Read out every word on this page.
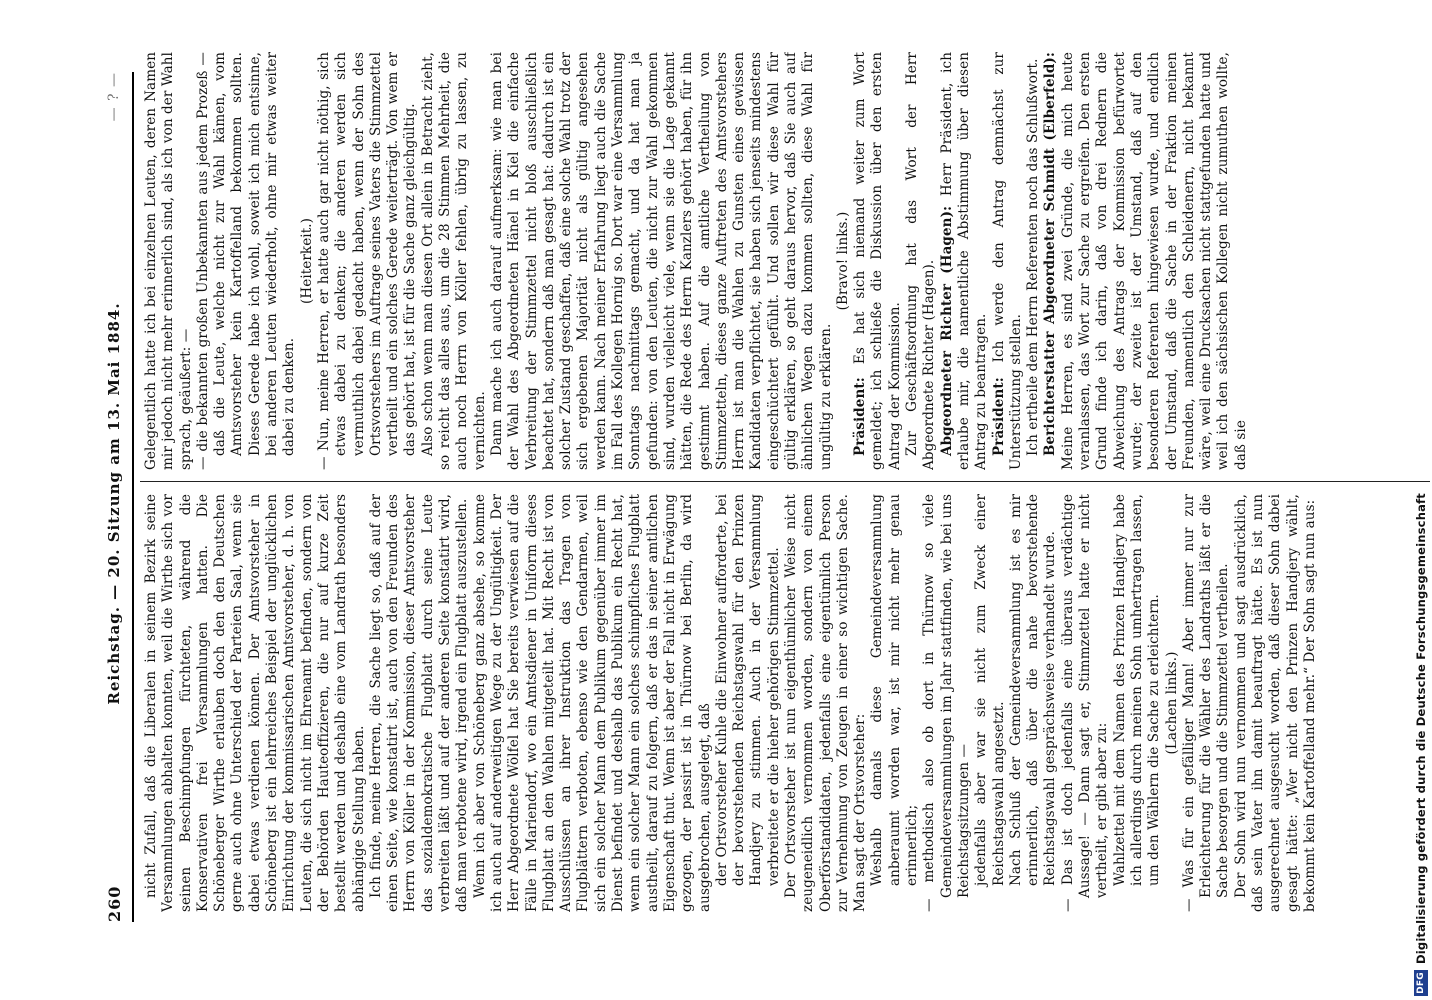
260
Reichstag. — 20. Sitzung am 13. Mai 1884.
— ? —

nicht Zufall, daß die Liberalen in seinem Bezirk seine Versammlungen abhalten konnten, weil die Wirthe sich vor seinen Beschimpfungen fürchteten, während die Konservativen frei Versammlungen hatten. Die Schöneberger Wirthe erlauben doch den den Deutschen gerne auch ohne Unterschied der Parteien Saal, wenn sie dabei etwas verdienen können. Der Amtsvorsteher in Schöneberg ist ein lehrreiches Beispiel der unglücklichen Einrichtung der kommissarischen Amtsvorsteher, d. h. von Leuten, die sich nicht im Ehrenamt befinden, sondern von der Behörden Hauteoffizieren, die nur auf kurze Zeit bestellt werden und deshalb eine vom Landrath besonders abhängige Stellung haben. Ich finde, meine Herren, die Sache liegt so, daß auf der einen Seite, wie konstatirt ist, auch von den Freunden des Herrn von Köller in der Kommission, dieser Amtsvorsteher das sozialdemokratische Flugblatt durch seine Leute verbreiten läßt und auf der anderen Seite konstatirt wird, daß man verbotene wird, irgend ein Flugblatt auszustellen. Wenn ich aber von Schöneberg ganz absehe, so komme ich auch auf anderweitigen Wege zu der Ungültigkeit. Der Herr Abgeordnete Wölfel hat Sie bereits verwiesen auf die Fälle in Mariendorf, wo ein Amtsdiener in Uniform dieses Flugblatt an den Wahlen mitgeteilt hat. Mit Recht ist von Ausschlüssen an ihrer Instruktion das Tragen von Flugblättern verboten, ebenso wie den Gendarmen, weil sich ein solcher Mann dem Publikum gegenüber immer im Dienst befindet und deshalb das Publikum ein Recht hat, wenn ein solcher Mann ein solches schimpfliches Flugblatt austheilt, darauf zu folgern, daß er das in seiner amtlichen Eigenschaft thut. Wenn ist aber der Fall nicht in Erwägung gezogen, der passirt ist in Thürnow bei Berlin, da wird ausgebrochen, ausgelegt, daß der Ortsvorsteher Kuhle die Einwohner aufforderte, bei der bevorstehenden Reichstagswahl für den Prinzen Handjery zu stimmen. Auch in der Versammlung verbreitete er die hieher gehörigen Stimmzettel. Der Ortsvorsteher ist nun eigenthümlicher Weise nicht zeugeneidlich vernommen worden, sondern von einem Oberförstandidaten, jedenfalls eine eigentümlich Person zur Vernehmung von Zeugen in einer so wichtigen Sache. Man sagt der Ortsvorsteher: Weshalb damals diese Gemeindeversammlung anberaumt worden war, ist mir nicht mehr genau erinnerlich; — methodisch also ob dort in Thürnow so viele Gemeindeversammlungen im Jahr stattfinden, wie bei uns Reichstagsitzungen — jedenfalls aber war sie nicht zum Zweck einer Reichstagswahl angesetzt. Nach Schluß der Gemeindeversammlung ist es mir erinnerlich, daß über die nahe bevorstehende Reichstagswahl gesprächsweise verhandelt wurde. — Das ist doch jedenfalls eine überaus verdächtige Aussage! — Dann sagt er, Stimmzettel hatte er nicht vertheilt, er gibt aber zu: Wahlzettel mit dem Namen des Prinzen Handjery habe ich allerdings durch meinen Sohn umhertragen lassen, um den Wählern die Sache zu erleichtern. (Lachen links.) — Was für ein gefälliger Mann! Aber immer nur zur Erleichterung für die Wähler des Landraths läßt er die Sache besorgen und die Stimmzettel vertheilen. Der Sohn wird nun vernommen und sagt ausdrücklich, daß sein Vater ihn damit beauftragt hätte. Es ist nun ausgerechnet ausgesucht worden, daß dieser Sohn dabei gesagt hätte: „Wer nicht den Prinzen Handjery wählt, bekommt kein Kartoffelland mehr.“ Der Sohn sagt nun aus:

Gelegentlich hatte ich bei einzelnen Leuten, deren Namen mir jedoch nicht mehr erinnerlich sind, als ich von der Wahl sprach, geäußert: — — die bekannten großen Unbekannten aus jedem Prozeß — daß die Leute, welche nicht zur Wahl kämen, vom Amtsvorsteher kein Kartoffelland bekommen sollten. Dieses Gerede habe ich wohl, soweit ich mich entsinne, bei anderen Leuten wiederholt, ohne mir etwas weiter dabei zu denken.

(Heiterkeit.) — Nun, meine Herren, er hatte auch gar nicht nöthig, sich etwas dabei zu denken; die anderen werden sich vermuthlich dabei gedacht haben, wenn der Sohn des Ortsvorstehers im Auftrage seines Vaters die Stimmzettel vertheilt und ein solches Gerede weiterträgt. Von wem er das gehört hat, ist für die Sache ganz gleichgültig. Also schon wenn man diesen Ort allein in Betracht zieht, so reicht das alles aus, um die 28 Stimmen Mehrheit, die auch noch Herrn von Köller fehlen, übrig zu lassen, zu vernichten. Dann mache ich auch darauf aufmerksam: wie man bei der Wahl des Abgeordneten Hänel in Kiel die einfache Verbreitung der Stimmzettel nicht bloß ausschließlich beachtet hat, sondern daß man gesagt hat: dadurch ist ein solcher Zustand geschaffen, daß eine solche Wahl trotz der sich ergebenen Majorität nicht als gültig angesehen werden kann. Nach meiner Erfahrung liegt auch die Sache im Fall des Kollegen Hornig so. Dort war eine Versammlung Sonntags nachmittags gemacht, und da hat man ja gefunden: von den Leuten, die nicht zur Wahl gekommen sind, wurden vielleicht viele, wenn sie die Lage gekannt hätten, die Rede des Herrn Kanzlers gehört haben, für ihn gestimmt haben. Auf die amtliche Vertheilung von Stimmzetteln, dieses ganze Auftreten des Amtsvorstehers Herrn ist man die Wahlen zu Gunsten eines gewissen Kandidaten verpflichtet, sie haben sich jenseits mindestens eingeschüchtert gefühlt. Und sollen wir diese Wahl für gültig erklären, so geht daraus hervor, daß Sie auch auf ähnlichen Wegen dazu kommen sollten, diese Wahl für ungültig zu erklären.

(Bravo! links.)

Präsident: Es hat sich niemand weiter zum Wort gemeldet; ich schließe die Diskussion über den ersten Antrag der Kommission. Zur Geschäftsordnung hat das Wort der Herr Abgeordnete Richter (Hagen). Abgeordneter Richter (Hagen): Herr Präsident, ich erlaube mir, die namentliche Abstimmung über diesen Antrag zu beantragen. Präsident: Ich werde den Antrag demnächst zur Unterstützung stellen. Ich ertheile dem Herrn Referenten noch das Schlußwort. Berichterstatter Abgeordneter Schmidt (Elberfeld): Meine Herren, es sind zwei Gründe, die mich heute veranlassen, das Wort zur Sache zu ergreifen. Den ersten Grund finde ich darin, daß von drei Rednern die Abweichung des Antrags der Kommission befürwortet wurde; der zweite ist der Umstand, daß auf den besonderen Referenten hingewiesen wurde, und endlich der Umstand, daß die Sache in der Fraktion meinen Freunden, namentlich den Schleidenern, nicht bekannt wäre, weil eine Drucksachen nicht stattgefunden hatte und weil ich den sächsischen Kollegen nicht zumuthen wollte, daß sie

DFG
Digitalisierung gefördert durch die Deutsche Forschungsgemeinschaft
